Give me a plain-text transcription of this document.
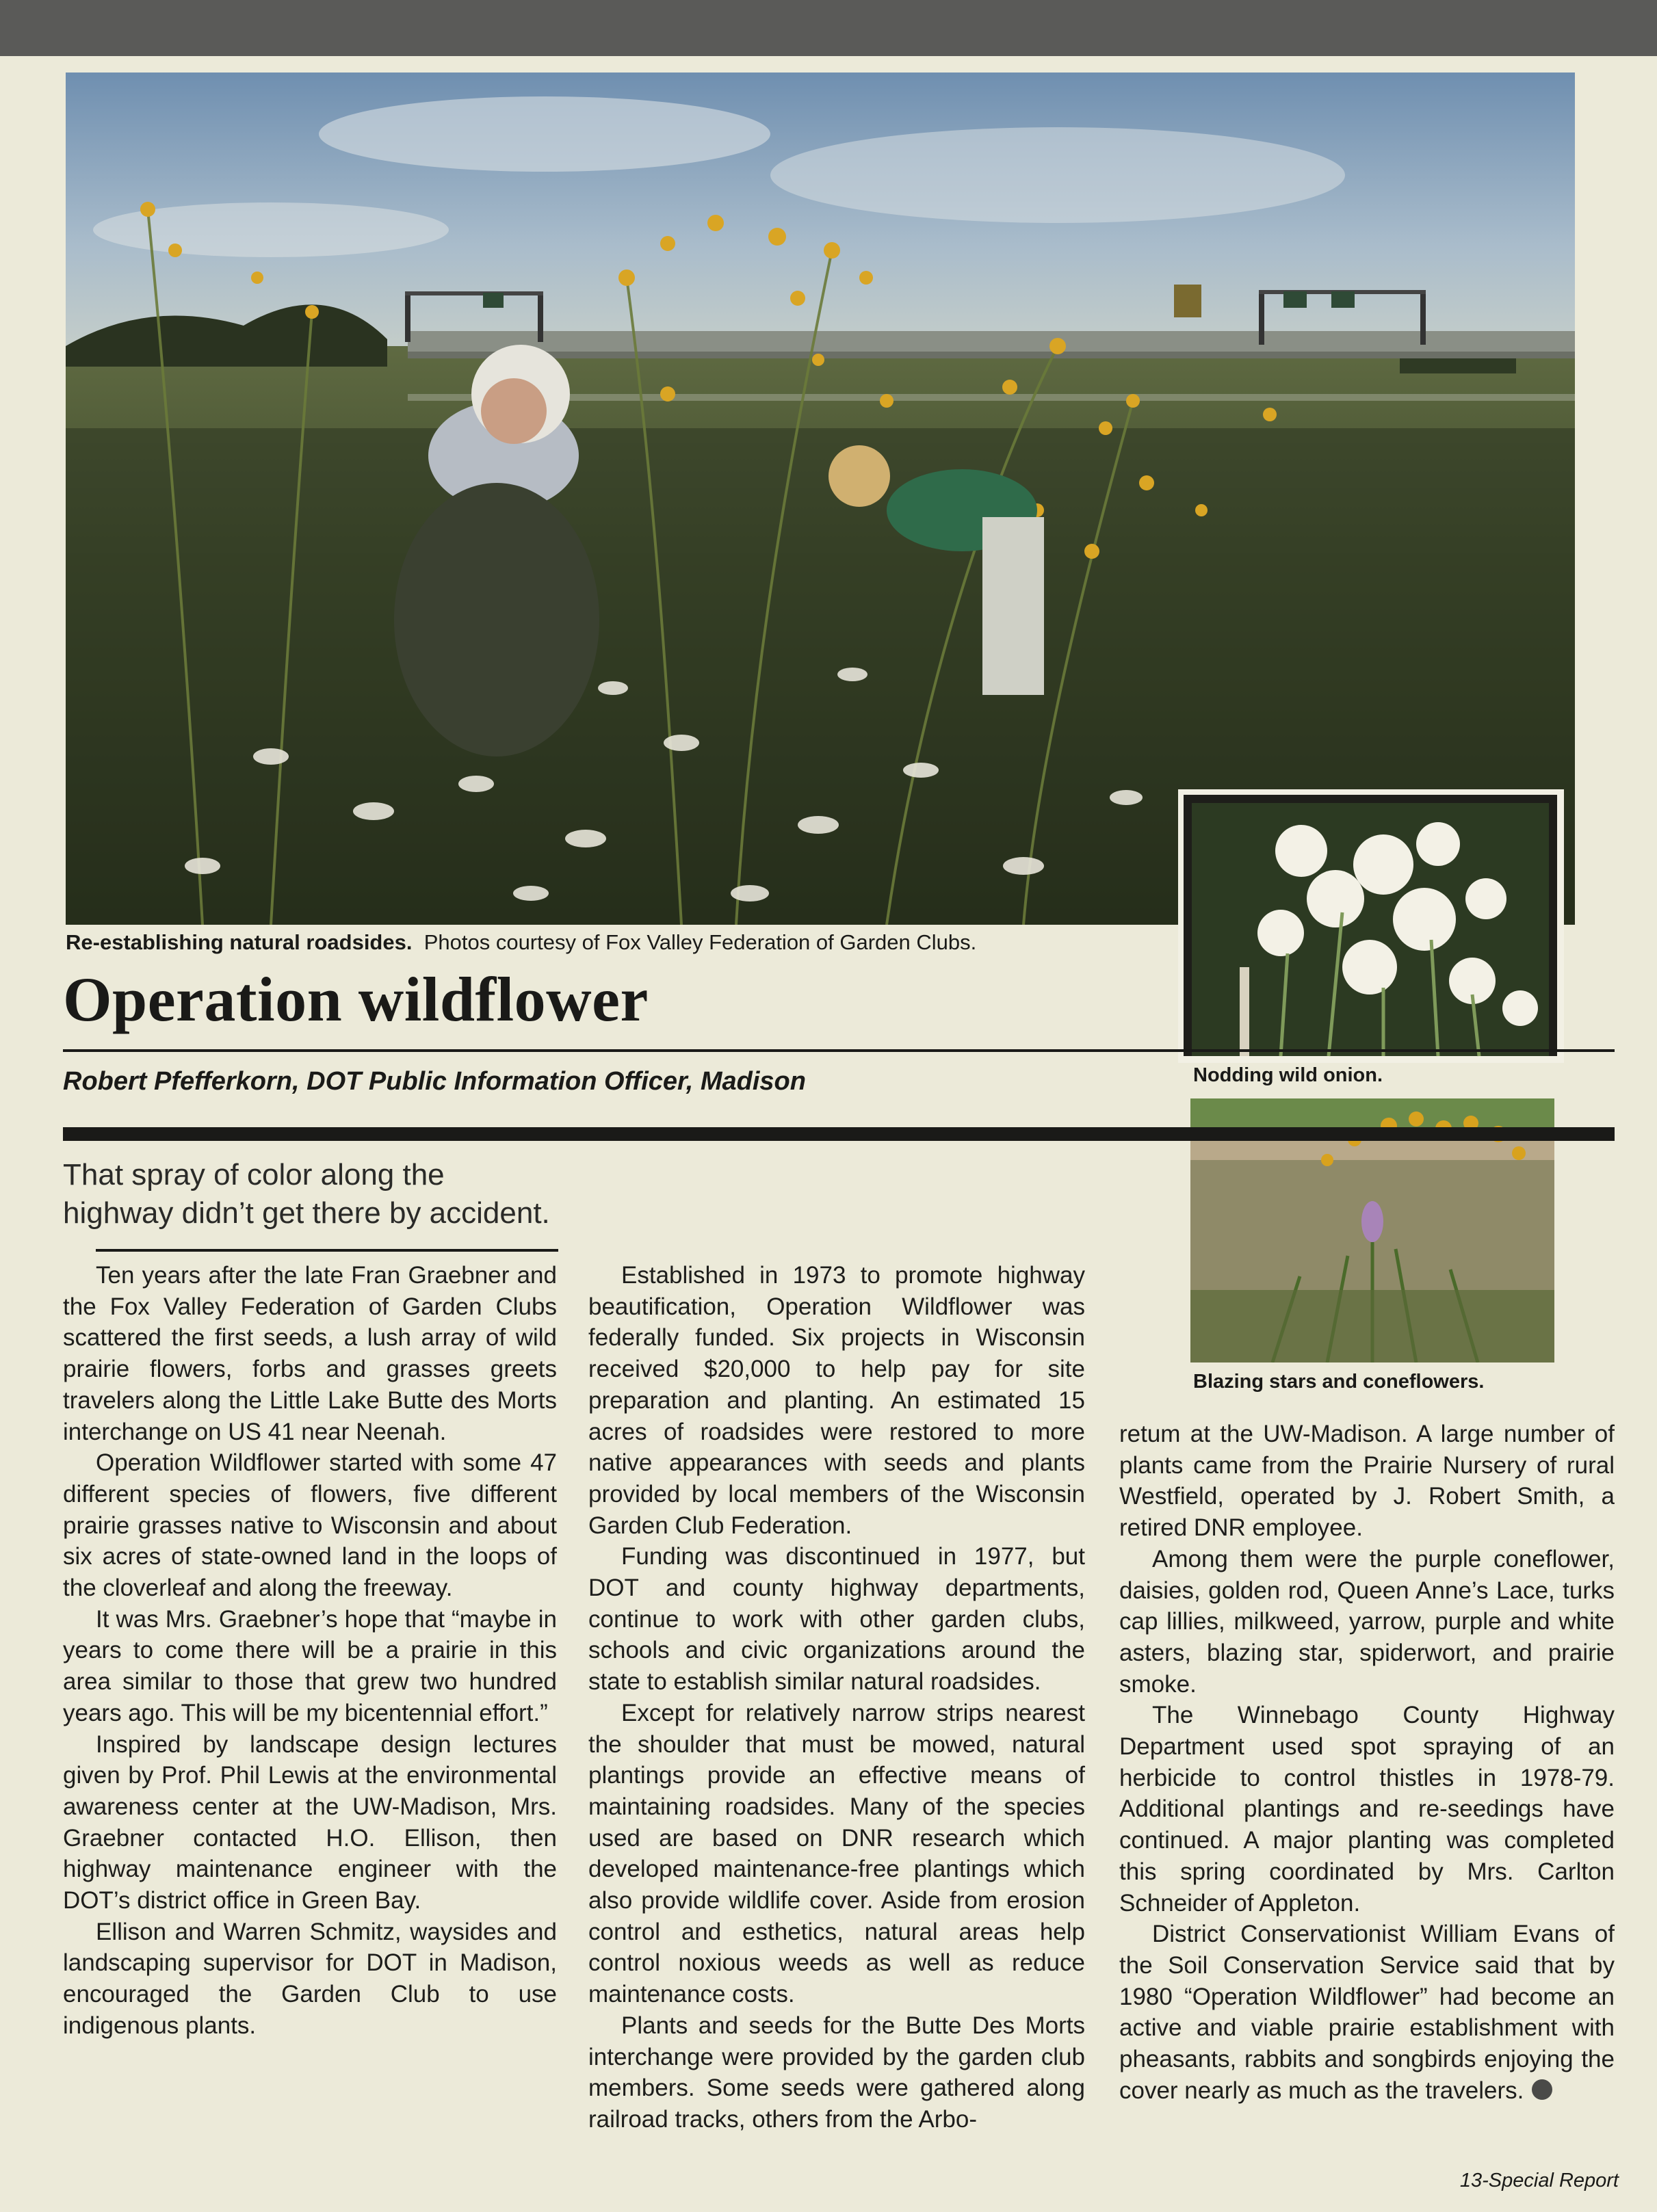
Re-establishing natural roadsides. Photos courtesy of Fox Valley Federation of Garden Clubs.
Nodding wild onion.
Blazing stars and coneflowers.
Operation wildflower
Robert Pfefferkorn, DOT Public Information Officer, Madison
That spray of color along the highway didn’t get there by accident.

Ten years after the late Fran Graebner and the Fox Valley Federation of Garden Clubs scattered the first seeds, a lush array of wild prairie flowers, forbs and grasses greets travelers along the Little Lake Butte des Morts interchange on US 41 near Neenah.

Operation Wildflower started with some 47 different species of flowers, five different prairie grasses native to Wisconsin and about six acres of state-owned land in the loops of the cloverleaf and along the freeway.

It was Mrs. Graebner’s hope that “maybe in years to come there will be a prairie in this area similar to those that grew two hundred years ago. This will be my bicentennial effort.”

Inspired by landscape design lectures given by Prof. Phil Lewis at the environmental awareness center at the UW-Madison, Mrs. Graebner contacted H.O. Ellison, then highway maintenance engineer with the DOT’s district office in Green Bay.

Ellison and Warren Schmitz, waysides and landscaping supervisor for DOT in Madison, encouraged the Garden Club to use indigenous plants.

Established in 1973 to promote highway beautification, Operation Wildflower was federally funded. Six projects in Wisconsin received $20,000 to help pay for site preparation and planting. An estimated 15 acres of roadsides were restored to more native appearances with seeds and plants provided by local members of the Wisconsin Garden Club Federation.

Funding was discontinued in 1977, but DOT and county highway departments, continue to work with other garden clubs, schools and civic organizations around the state to establish similar natural roadsides.

Except for relatively narrow strips nearest the shoulder that must be mowed, natural plantings provide an effective means of maintaining roadsides. Many of the species used are based on DNR research which developed maintenance-free plantings which also provide wildlife cover. Aside from erosion control and esthetics, natural areas help control noxious weeds as well as reduce maintenance costs.

Plants and seeds for the Butte Des Morts interchange were provided by the garden club members. Some seeds were gathered along railroad tracks, others from the Arbo-

retum at the UW-Madison. A large number of plants came from the Prairie Nursery of rural Westfield, operated by J. Robert Smith, a retired DNR employee.

Among them were the purple coneflower, daisies, golden rod, Queen Anne’s Lace, turks cap lillies, milkweed, yarrow, purple and white asters, blazing star, spiderwort, and prairie smoke.

The Winnebago County Highway Department used spot spraying of an herbicide to control thistles in 1978-79. Additional plantings and re-seedings have continued. A major planting was completed this spring coordinated by Mrs. Carlton Schneider of Appleton.

District Conservationist William Evans of the Soil Conservation Service said that by 1980 “Operation Wildflower” had become an active and viable prairie establishment with pheasants, rabbits and songbirds enjoying the cover nearly as much as the travelers.

13-Special Report
